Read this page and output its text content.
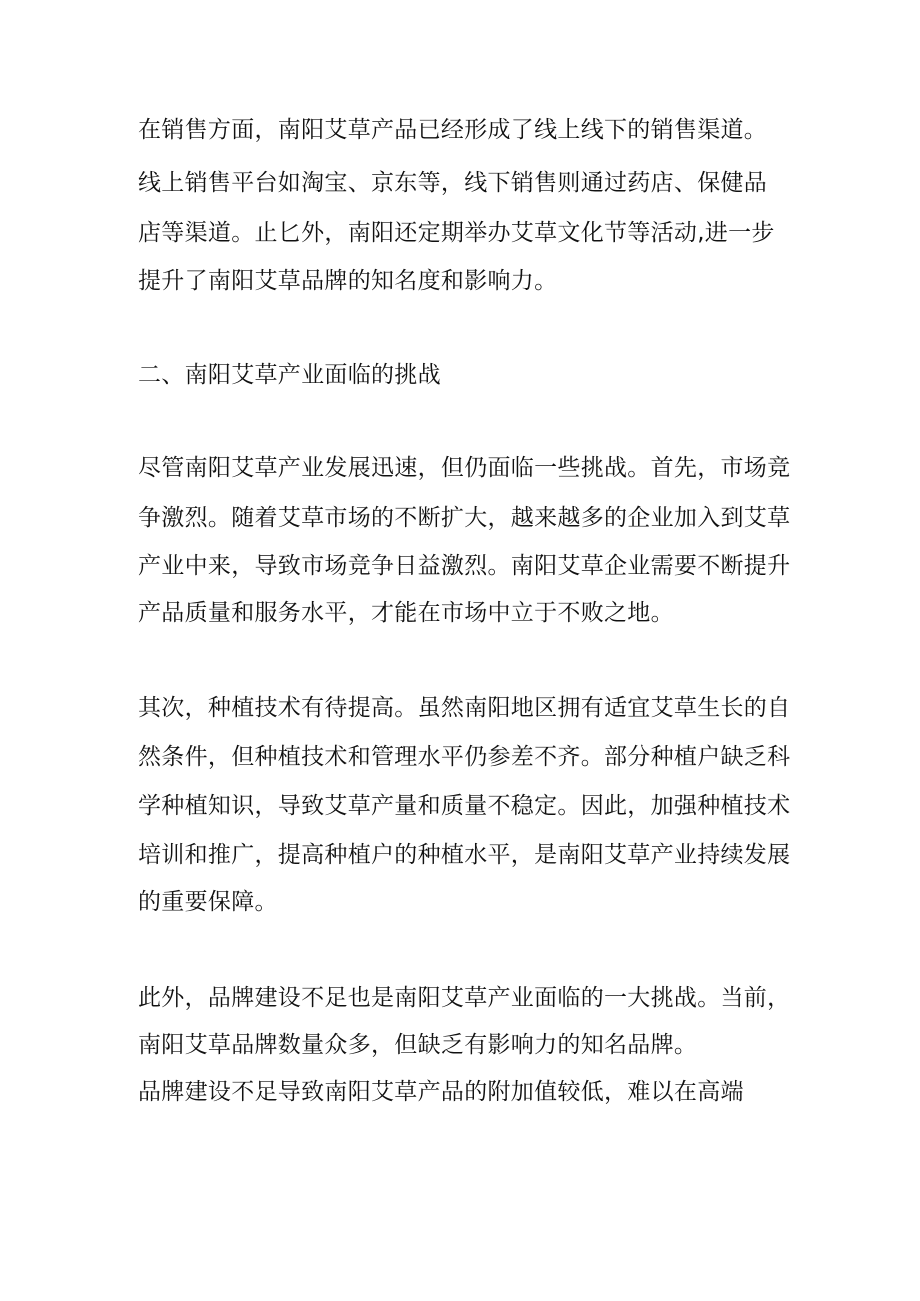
在销售方面，南阳艾草产品已经形成了线上线下的销售渠道。
线上销售平台如淘宝、京东等，线下销售则通过药店、保健品
店等渠道。止匕外，南阳还定期举办艾草文化节等活动,进一步
提升了南阳艾草品牌的知名度和影响力。
二、南阳艾草产业面临的挑战
尽管南阳艾草产业发展迅速，但仍面临一些挑战。首先，市场竞
争激烈。随着艾草市场的不断扩大，越来越多的企业加入到艾草
产业中来，导致市场竞争日益激烈。南阳艾草企业需要不断提升
产品质量和服务水平，才能在市场中立于不败之地。
其次，种植技术有待提高。虽然南阳地区拥有适宜艾草生长的自
然条件，但种植技术和管理水平仍参差不齐。部分种植户缺乏科
学种植知识，导致艾草产量和质量不稳定。因此，加强种植技术
培训和推广，提高种植户的种植水平，是南阳艾草产业持续发展
的重要保障。
此外，品牌建设不足也是南阳艾草产业面临的一大挑战。当前，
南阳艾草品牌数量众多，但缺乏有影响力的知名品牌。
品牌建设不足导致南阳艾草产品的附加值较低，难以在高端
